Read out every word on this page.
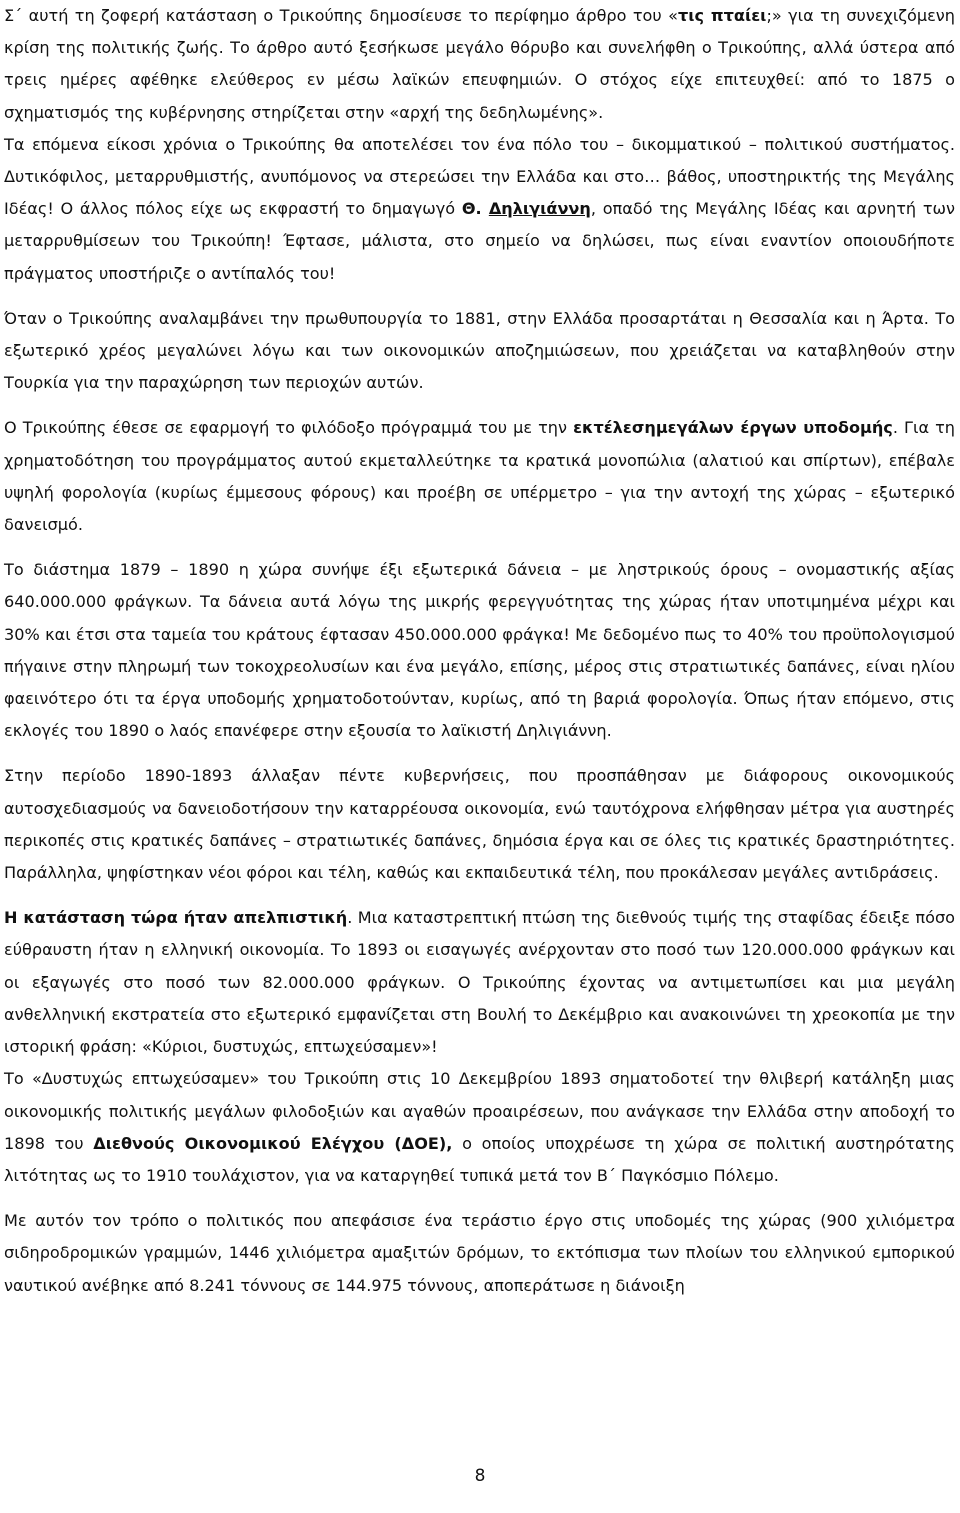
Σ΄ αυτή τη ζοφερή κατάσταση ο Τρικούπης δημοσίευσε το περίφημο άρθρο του «τις πταίει;» για τη συνεχιζόμενη κρίση της πολιτικής ζωής. Το άρθρο αυτό ξεσήκωσε μεγάλο θόρυβο και συνελήφθη ο Τρικούπης, αλλά ύστερα από τρεις ημέρες αφέθηκε ελεύθερος εν μέσω λαϊκών επευφημιών. Ο στόχος είχε επιτευχθεί: από το 1875 ο σχηματισμός της κυβέρνησης στηρίζεται στην «αρχή της δεδηλωμένης».

Τα επόμενα είκοσι χρόνια ο Τρικούπης θα αποτελέσει τον ένα πόλο του – δικομματικού – πολιτικού συστήματος. Δυτικόφιλος, μεταρρυθμιστής, ανυπόμονος να στερεώσει την Ελλάδα και στο… βάθος, υποστηρικτής της Μεγάλης Ιδέας! Ο άλλος πόλος είχε ως εκφραστή το δημαγωγό Θ. Δηλιγιάννη, οπαδό της Μεγάλης Ιδέας και αρνητή των μεταρρυθμίσεων του Τρικούπη! Έφτασε, μάλιστα, στο σημείο να δηλώσει, πως είναι εναντίον οποιουδήποτε πράγματος υποστήριζε ο αντίπαλός του!

Όταν ο Τρικούπης αναλαμβάνει την πρωθυπουργία το 1881, στην Ελλάδα προσαρτάται η Θεσσαλία και η Άρτα. Το εξωτερικό χρέος μεγαλώνει λόγω και των οικονομικών αποζημιώσεων, που χρειάζεται να καταβληθούν στην Τουρκία για την παραχώρηση των περιοχών αυτών.

Ο Τρικούπης έθεσε σε εφαρμογή το φιλόδοξο πρόγραμμά του με την εκτέλεσημεγάλων έργων υποδομής. Για τη χρηματοδότηση του προγράμματος αυτού εκμεταλλεύτηκε τα κρατικά μονοπώλια (αλατιού και σπίρτων), επέβαλε υψηλή φορολογία (κυρίως έμμεσους φόρους) και προέβη σε υπέρμετρο – για την αντοχή της χώρας – εξωτερικό δανεισμό.

Το διάστημα 1879 – 1890 η χώρα συνήψε έξι εξωτερικά δάνεια – με ληστρικούς όρους – ονομαστικής αξίας 640.000.000 φράγκων. Τα δάνεια αυτά λόγω της μικρής φερεγγυότητας της χώρας ήταν υποτιμημένα μέχρι και 30% και έτσι στα ταμεία του κράτους έφτασαν 450.000.000 φράγκα! Με δεδομένο πως το 40% του προϋπολογισμού πήγαινε στην πληρωμή των τοκοχρεολυσίων και ένα μεγάλο, επίσης, μέρος στις στρατιωτικές δαπάνες, είναι ηλίου φαεινότερο ότι τα έργα υποδομής χρηματοδοτούνταν, κυρίως, από τη βαριά φορολογία. Όπως ήταν επόμενο, στις εκλογές του 1890 ο λαός επανέφερε στην εξουσία το λαϊκιστή Δηλιγιάννη.

Στην περίοδο 1890-1893 άλλαξαν πέντε κυβερνήσεις, που προσπάθησαν με διάφορους οικονομικούς αυτοσχεδιασμούς να δανειοδοτήσουν την καταρρέουσα οικονομία, ενώ ταυτόχρονα ελήφθησαν μέτρα για αυστηρές περικοπές στις κρατικές δαπάνες – στρατιωτικές δαπάνες, δημόσια έργα και σε όλες τις κρατικές δραστηριότητες. Παράλληλα, ψηφίστηκαν νέοι φόροι και τέλη, καθώς και εκπαιδευτικά τέλη, που προκάλεσαν μεγάλες αντιδράσεις.

Η κατάσταση τώρα ήταν απελπιστική. Μια καταστρεπτική πτώση της διεθνούς τιμής της σταφίδας έδειξε πόσο εύθραυστη ήταν η ελληνική οικονομία. Το 1893 οι εισαγωγές ανέρχονταν στο ποσό των 120.000.000 φράγκων και οι εξαγωγές στο ποσό των 82.000.000 φράγκων. Ο Τρικούπης έχοντας να αντιμετωπίσει και μια μεγάλη ανθελληνική εκστρατεία στο εξωτερικό εμφανίζεται στη Βουλή το Δεκέμβριο και ανακοινώνει τη χρεοκοπία με την ιστορική φράση: «Κύριοι, δυστυχώς, επτωχεύσαμεν»!

Το «Δυστυχώς επτωχεύσαμεν» του Τρικούπη στις 10 Δεκεμβρίου 1893 σηματοδοτεί την θλιβερή κατάληξη μιας οικονομικής πολιτικής μεγάλων φιλοδοξιών και αγαθών προαιρέσεων, που ανάγκασε την Ελλάδα στην αποδοχή το 1898 του Διεθνούς Οικονομικού Ελέγχου (ΔΟΕ), ο οποίος υποχρέωσε τη χώρα σε πολιτική αυστηρότατης λιτότητας ως το 1910 τουλάχιστον, για να καταργηθεί τυπικά μετά τον Β΄ Παγκόσμιο Πόλεμο.

Με αυτόν τον τρόπο ο πολιτικός που απεφάσισε ένα τεράστιο έργο στις υποδομές της χώρας (900 χιλιόμετρα σιδηροδρομικών γραμμών, 1446 χιλιόμετρα αμαξιτών δρόμων, το εκτόπισμα των πλοίων του ελληνικού εμπορικού ναυτικού ανέβηκε από 8.241 τόννους σε 144.975 τόννους, αποπεράτωσε η διάνοιξη

8
